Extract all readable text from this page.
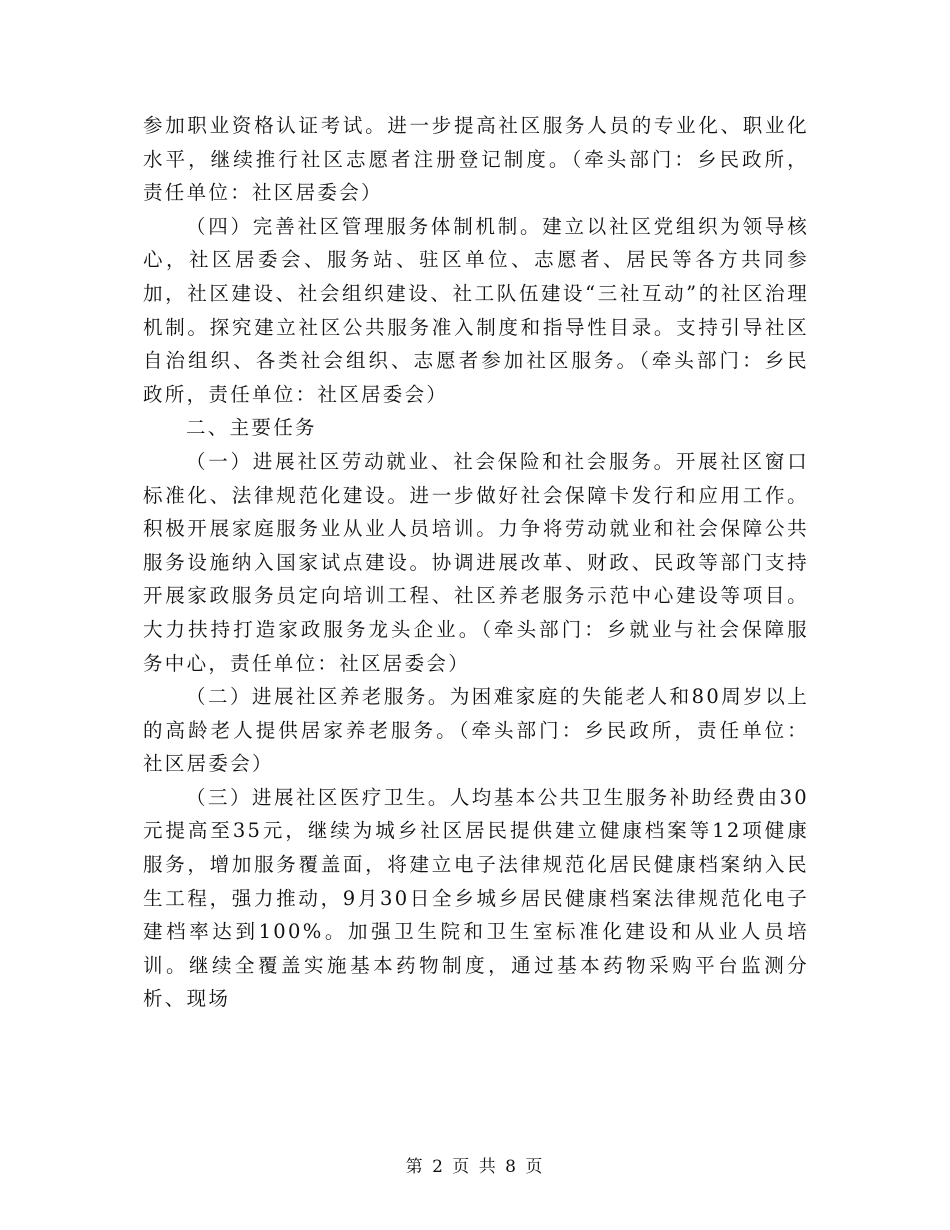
参加职业资格认证考试。进一步提高社区服务人员的专业化、职业化水平，继续推行社区志愿者注册登记制度。（牵头部门：乡民政所，责任单位：社区居委会）

（四）完善社区管理服务体制机制。建立以社区党组织为领导核心，社区居委会、服务站、驻区单位、志愿者、居民等各方共同参加，社区建设、社会组织建设、社工队伍建设“三社互动”的社区治理机制。探究建立社区公共服务准入制度和指导性目录。支持引导社区自治组织、各类社会组织、志愿者参加社区服务。（牵头部门：乡民政所，责任单位：社区居委会）

二、主要任务

（一）进展社区劳动就业、社会保险和社会服务。开展社区窗口标准化、法律规范化建设。进一步做好社会保障卡发行和应用工作。积极开展家庭服务业从业人员培训。力争将劳动就业和社会保障公共服务设施纳入国家试点建设。协调进展改革、财政、民政等部门支持开展家政服务员定向培训工程、社区养老服务示范中心建设等项目。大力扶持打造家政服务龙头企业。（牵头部门：乡就业与社会保障服务中心，责任单位：社区居委会）

（二）进展社区养老服务。为困难家庭的失能老人和80周岁以上的高龄老人提供居家养老服务。（牵头部门：乡民政所，责任单位：社区居委会）

（三）进展社区医疗卫生。人均基本公共卫生服务补助经费由30元提高至35元，继续为城乡社区居民提供建立健康档案等12项健康服务，增加服务覆盖面，将建立电子法律规范化居民健康档案纳入民生工程，强力推动，9月30日全乡城乡居民健康档案法律规范化电子建档率达到100%。加强卫生院和卫生室标准化建设和从业人员培训。继续全覆盖实施基本药物制度，通过基本药物采购平台监测分析、现场

第 2 页 共 8 页
